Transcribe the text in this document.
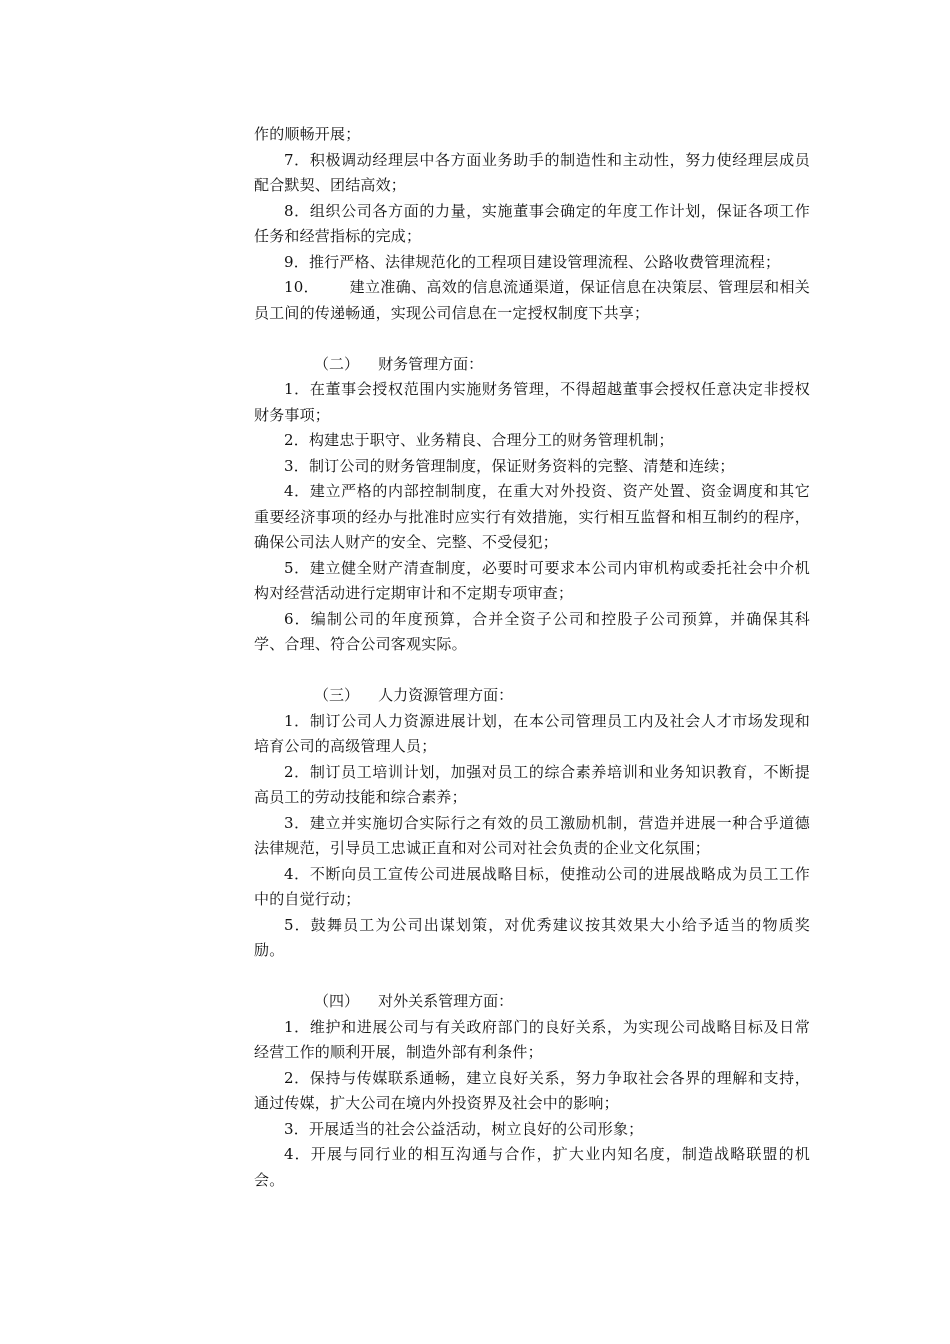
作的顺畅开展；

7．积极调动经理层中各方面业务助手的制造性和主动性，努力使经理层成员配合默契、团结高效；

8．组织公司各方面的力量，实施董事会确定的年度工作计划，保证各项工作任务和经营指标的完成；

9．推行严格、法律规范化的工程项目建设管理流程、公路收费管理流程；

10．      建立准确、高效的信息流通渠道，保证信息在决策层、管理层和相关员工间的传递畅通，实现公司信息在一定授权制度下共享；

（二）    财务管理方面：

1．在董事会授权范围内实施财务管理，不得超越董事会授权任意决定非授权财务事项；

2．构建忠于职守、业务精良、合理分工的财务管理机制；

3．制订公司的财务管理制度，保证财务资料的完整、清楚和连续；

4．建立严格的内部控制制度，在重大对外投资、资产处置、资金调度和其它重要经济事项的经办与批准时应实行有效措施，实行相互监督和相互制约的程序，确保公司法人财产的安全、完整、不受侵犯；

5．建立健全财产清查制度，必要时可要求本公司内审机构或委托社会中介机构对经营活动进行定期审计和不定期专项审查；

6．编制公司的年度预算，合并全资子公司和控股子公司预算，并确保其科学、合理、符合公司客观实际。

（三）    人力资源管理方面：

1．制订公司人力资源进展计划，在本公司管理员工内及社会人才市场发现和培育公司的高级管理人员；

2．制订员工培训计划，加强对员工的综合素养培训和业务知识教育，不断提高员工的劳动技能和综合素养；

3．建立并实施切合实际行之有效的员工激励机制，营造并进展一种合乎道德法律规范，引导员工忠诚正直和对公司对社会负责的企业文化氛围；

4．不断向员工宣传公司进展战略目标，使推动公司的进展战略成为员工工作中的自觉行动；

5．鼓舞员工为公司出谋划策，对优秀建议按其效果大小给予适当的物质奖励。

（四）    对外关系管理方面：

1．维护和进展公司与有关政府部门的良好关系，为实现公司战略目标及日常经营工作的顺利开展，制造外部有利条件；

2．保持与传媒联系通畅，建立良好关系，努力争取社会各界的理解和支持，通过传媒，扩大公司在境内外投资界及社会中的影响；

3．开展适当的社会公益活动，树立良好的公司形象；

4．开展与同行业的相互沟通与合作，扩大业内知名度，制造战略联盟的机会。
